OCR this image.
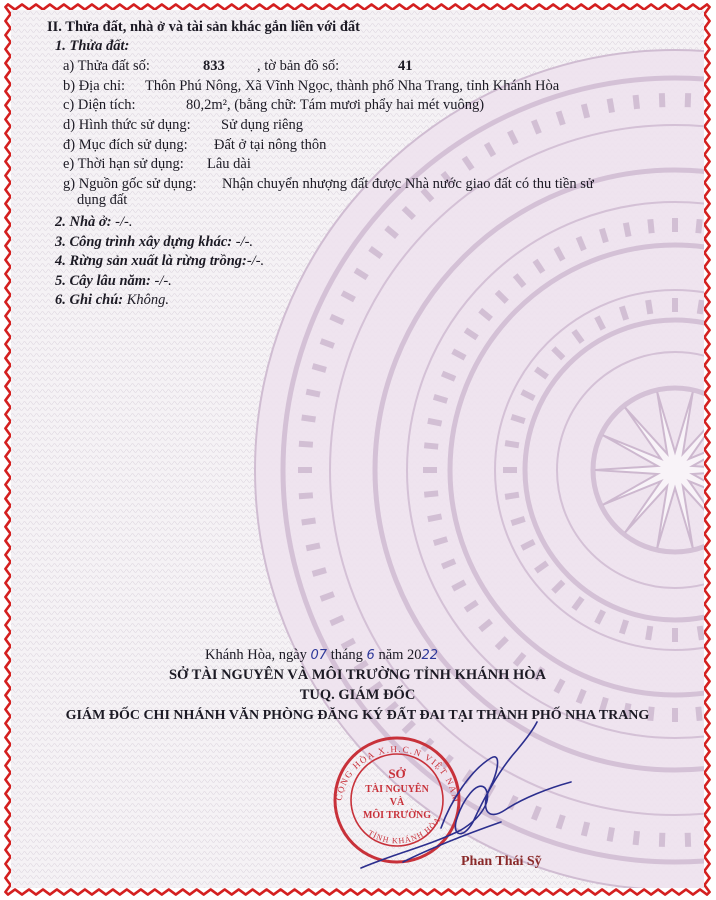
II. Thửa đất, nhà ở và tài sản khác gắn liền với đất
1. Thửa đất:
a) Thửa đất số:	833 , tờ bản đồ số:	41
b) Địa chỉ: Thôn Phú Nông, Xã Vĩnh Ngọc, thành phố Nha Trang, tỉnh Khánh Hòa
c) Diện tích:	80,2m², (bằng chữ: Tám mươi phẩy hai mét vuông)
d) Hình thức sử dụng: Sử dụng riêng
đ) Mục đích sử dụng: Đất ở tại nông thôn
e) Thời hạn sử dụng: Lâu dài
g) Nguồn gốc sử dụng: Nhận chuyển nhượng đất được Nhà nước giao đất có thu tiền sử
dụng đất
2. Nhà ở: -/-.
3. Công trình xây dựng khác: -/-.
4. Rừng sản xuất là rừng trồng:-/-.
5. Cây lâu năm: -/-.
6. Ghi chú: Không.
Khánh Hòa, ngày 07 tháng 6 năm 2022
SỞ TÀI NGUYÊN VÀ MÔI TRƯỜNG TỈNH KHÁNH HÒA
TUQ. GIÁM ĐỐC
GIÁM ĐỐC CHI NHÁNH VĂN PHÒNG ĐĂNG KÝ ĐẤT ĐAI TẠI THÀNH PHỐ NHA TRANG
CỘNG HÒA X.H.C.N VIỆT NAM
TỈNH KHÁNH HÒA
SỞ
TÀI NGUYÊN
VÀ
MÔI TRƯỜNG
Phan Thái Sỹ
